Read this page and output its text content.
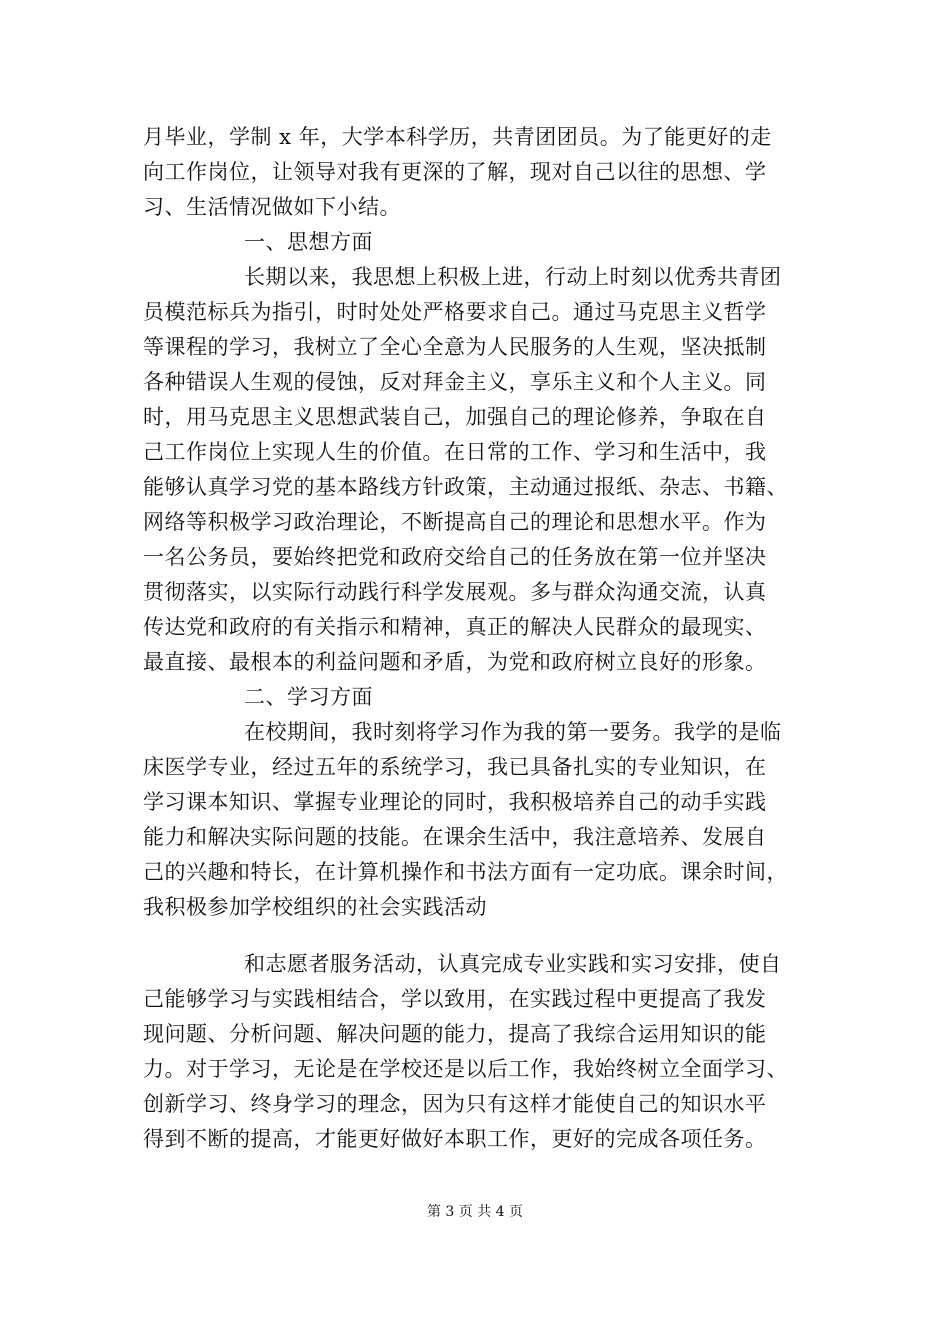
月毕业，学制 x 年，大学本科学历，共青团团员。为了能更好的走
向工作岗位，让领导对我有更深的了解，现对自己以往的思想、学
习、生活情况做如下小结。
一、思想方面
长期以来，我思想上积极上进，行动上时刻以优秀共青团
员模范标兵为指引，时时处处严格要求自己。通过马克思主义哲学
等课程的学习，我树立了全心全意为人民服务的人生观，坚决抵制
各种错误人生观的侵蚀，反对拜金主义，享乐主义和个人主义。同
时，用马克思主义思想武装自己，加强自己的理论修养，争取在自
己工作岗位上实现人生的价值。在日常的工作、学习和生活中，我
能够认真学习党的基本路线方针政策，主动通过报纸、杂志、书籍、
网络等积极学习政治理论，不断提高自己的理论和思想水平。作为
一名公务员，要始终把党和政府交给自己的任务放在第一位并坚决
贯彻落实，以实际行动践行科学发展观。多与群众沟通交流，认真
传达党和政府的有关指示和精神，真正的解决人民群众的最现实、
最直接、最根本的利益问题和矛盾，为党和政府树立良好的形象。
二、学习方面
在校期间，我时刻将学习作为我的第一要务。我学的是临
床医学专业，经过五年的系统学习，我已具备扎实的专业知识，在
学习课本知识、掌握专业理论的同时，我积极培养自己的动手实践
能力和解决实际问题的技能。在课余生活中，我注意培养、发展自
己的兴趣和特长，在计算机操作和书法方面有一定功底。课余时间，
我积极参加学校组织的社会实践活动
和志愿者服务活动，认真完成专业实践和实习安排，使自
己能够学习与实践相结合，学以致用，在实践过程中更提高了我发
现问题、分析问题、解决问题的能力，提高了我综合运用知识的能
力。对于学习，无论是在学校还是以后工作，我始终树立全面学习、
创新学习、终身学习的理念，因为只有这样才能使自己的知识水平
得到不断的提高，才能更好做好本职工作，更好的完成各项任务。
第 3 页 共 4 页
